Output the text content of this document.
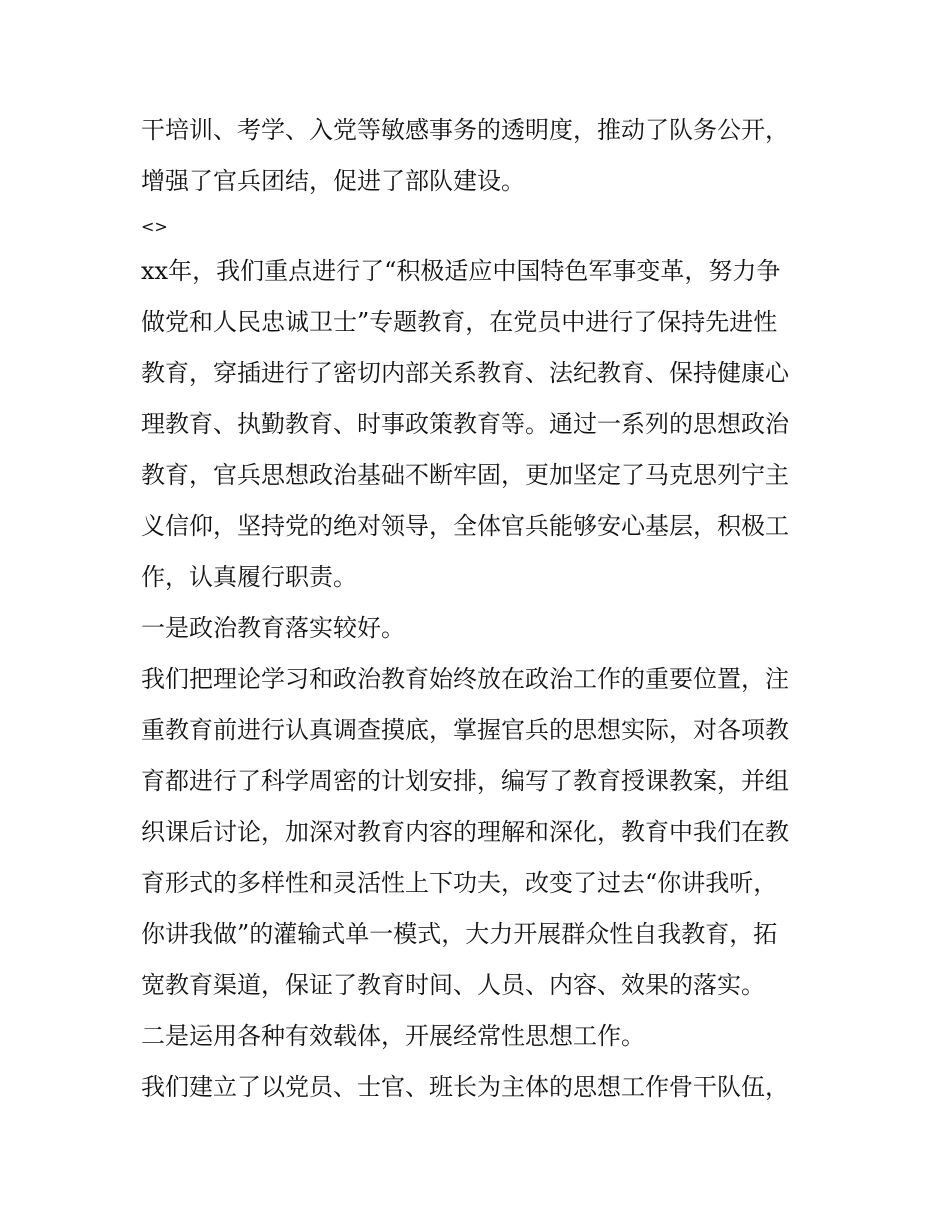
干培训、考学、入党等敏感事务的透明度，推动了队务公开，
增强了官兵团结，促进了部队建设。
<>
xx年，我们重点进行了“积极适应中国特色军事变革，努力争
做党和人民忠诚卫士”专题教育，在党员中进行了保持先进性
教育，穿插进行了密切内部关系教育、法纪教育、保持健康心
理教育、执勤教育、时事政策教育等。通过一系列的思想政治
教育，官兵思想政治基础不断牢固，更加坚定了马克思列宁主
义信仰，坚持党的绝对领导，全体官兵能够安心基层，积极工
作，认真履行职责。
一是政治教育落实较好。
我们把理论学习和政治教育始终放在政治工作的重要位置，注
重教育前进行认真调查摸底，掌握官兵的思想实际，对各项教
育都进行了科学周密的计划安排，编写了教育授课教案，并组
织课后讨论，加深对教育内容的理解和深化，教育中我们在教
育形式的多样性和灵活性上下功夫，改变了过去“你讲我听，
你讲我做”的灌输式单一模式，大力开展群众性自我教育，拓
宽教育渠道，保证了教育时间、人员、内容、效果的落实。
二是运用各种有效载体，开展经常性思想工作。
我们建立了以党员、士官、班长为主体的思想工作骨干队伍，
